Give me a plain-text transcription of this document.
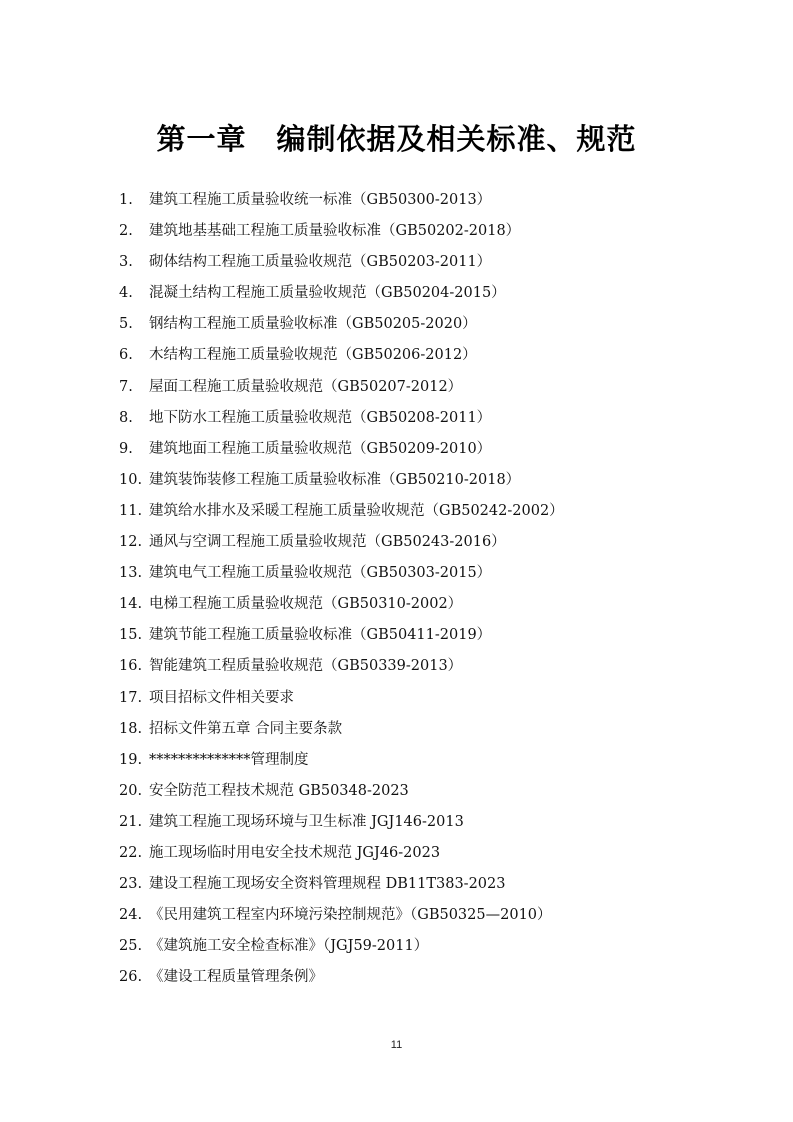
第一章　编制依据及相关标准、规范
1. 建筑工程施工质量验收统一标准（GB50300-2013）
2. 建筑地基基础工程施工质量验收标准（GB50202-2018）
3. 砌体结构工程施工质量验收规范（GB50203-2011）
4. 混凝土结构工程施工质量验收规范（GB50204-2015）
5. 钢结构工程施工质量验收标准（GB50205-2020）
6. 木结构工程施工质量验收规范（GB50206-2012）
7. 屋面工程施工质量验收规范（GB50207-2012）
8. 地下防水工程施工质量验收规范（GB50208-2011）
9. 建筑地面工程施工质量验收规范（GB50209-2010）
10. 建筑装饰装修工程施工质量验收标准（GB50210-2018）
11. 建筑给水排水及采暖工程施工质量验收规范（GB50242-2002）
12. 通风与空调工程施工质量验收规范（GB50243-2016）
13. 建筑电气工程施工质量验收规范（GB50303-2015）
14. 电梯工程施工质量验收规范（GB50310-2002）
15. 建筑节能工程施工质量验收标准（GB50411-2019）
16. 智能建筑工程质量验收规范（GB50339-2013）
17. 项目招标文件相关要求
18. 招标文件第五章 合同主要条款
19. **************管理制度
20. 安全防范工程技术规范 GB50348-2023
21. 建筑工程施工现场环境与卫生标准 JGJ146-2013
22. 施工现场临时用电安全技术规范 JGJ46-2023
23. 建设工程施工现场安全资料管理规程 DB11T383-2023
24. 《民用建筑工程室内环境污染控制规范》（GB50325—2010）
25. 《建筑施工安全检查标准》（JGJ59-2011）
26. 《建设工程质量管理条例》
11
